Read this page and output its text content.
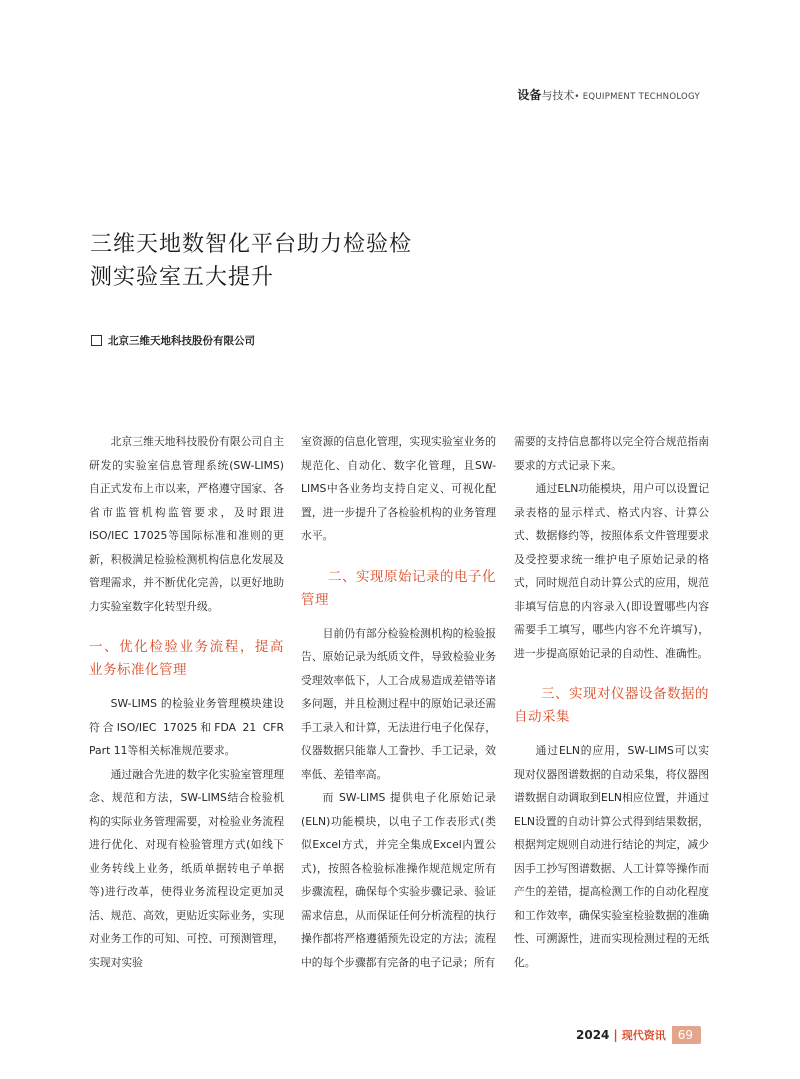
设备与技术• EQUIPMENT TECHNOLOGY
三维天地数智化平台助力检验检
测实验室五大提升
北京三维天地科技股份有限公司

北京三维天地科技股份有限公司自主研发的实验室信息管理系统(SW-LIMS)自正式发布上市以来，严格遵守国家、各省市监管机构监管要求，及时跟进ISO/IEC 17025等国际标准和准则的更新，积极满足检验检测机构信息化发展及管理需求，并不断优化完善，以更好地助力实验室数字化转型升级。

一、优化检验业务流程，提高业务标准化管理

SW-LIMS 的检验业务管理模块建设符合ISO/IEC 17025和FDA 21 CFR Part 11等相关标准规范要求。

通过融合先进的数字化实验室管理理念、规范和方法，SW-LIMS结合检验机构的实际业务管理需要，对检验业务流程进行优化、对现有检验管理方式(如线下业务转线上业务，纸质单据转电子单据等)进行改革，使得业务流程设定更加灵活、规范、高效，更贴近实际业务，实现对业务工作的可知、可控、可预测管理，实现对实验

室资源的信息化管理，实现实验室业务的规范化、自动化、数字化管理，且SW-LIMS中各业务均支持自定义、可视化配置，进一步提升了各检验机构的业务管理水平。

二、实现原始记录的电子化管理

目前仍有部分检验检测机构的检验报告、原始记录为纸质文件，导致检验业务受理效率低下，人工合成易造成差错等诸多问题，并且检测过程中的原始记录还需手工录入和计算，无法进行电子化保存，仪器数据只能靠人工誊抄、手工记录，效率低、差错率高。

而 SW-LIMS 提供电子化原始记录(ELN)功能模块，以电子工作表形式(类似Excel方式，并完全集成Excel内置公式)，按照各检验标准操作规范规定所有步骤流程，确保每个实验步骤记录、验证需求信息，从而保证任何分析流程的执行操作都将严格遵循预先设定的方法；流程中的每个步骤都有完备的电子记录；所有

需要的支持信息都将以完全符合规范指南要求的方式记录下来。

通过ELN功能模块，用户可以设置记录表格的显示样式、格式内容、计算公式、数据修约等，按照体系文件管理要求及受控要求统一维护电子原始记录的格式，同时规范自动计算公式的应用，规范非填写信息的内容录入(即设置哪些内容需要手工填写，哪些内容不允许填写)，进一步提高原始记录的自动性、准确性。

三、实现对仪器设备数据的自动采集

通过ELN的应用，SW-LIMS可以实现对仪器图谱数据的自动采集，将仪器图谱数据自动调取到ELN相应位置，并通过ELN设置的自动计算公式得到结果数据，根据判定规则自动进行结论的判定，减少因手工抄写图谱数据、人工计算等操作而产生的差错，提高检测工作的自动化程度和工作效率，确保实验室检验数据的准确性、可溯源性，进而实现检测过程的无纸化。

2024 | 现代资讯	69
